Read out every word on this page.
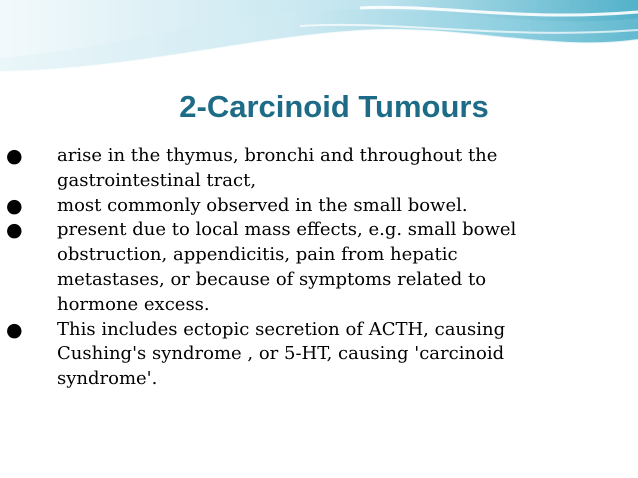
2-Carcinoid Tumours
● arise in the thymus, bronchi and throughout the
gastrointestinal tract,
● most commonly observed in the small bowel.
● present due to local mass effects, e.g. small bowel
obstruction, appendicitis, pain from hepatic
metastases, or because of symptoms related to
hormone excess.
● This includes ectopic secretion of ACTH, causing
Cushing's syndrome , or 5-HT, causing 'carcinoid
syndrome'.
